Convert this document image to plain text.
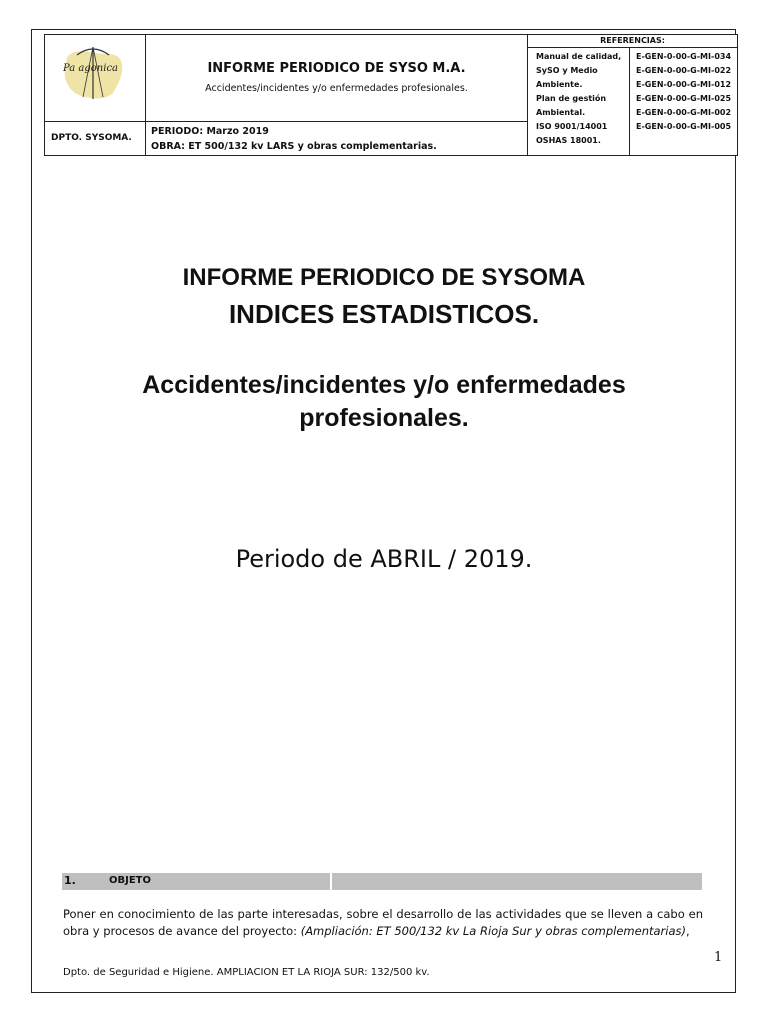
Pa agonica	INFORME PERIODICO DE SYSO M.A.
Accidentes/incidentes y/o enfermedades profesionales.
DPTO. SYSOMA.
PERIODO: Marzo 2019
OBRA: ET 500/132 kv LARS y obras complementarias.
REFERENCIAS:
Manual de calidad,
SySO y Medio
Ambiente.
Plan de gestión
Ambiental.
ISO 9001/14001
OSHAS 18001.
E-GEN-0-00-G-MI-034
E-GEN-0-00-G-MI-022
E-GEN-0-00-G-MI-012
E-GEN-0-00-G-MI-025
E-GEN-0-00-G-MI-002
E-GEN-0-00-G-MI-005
INFORME PERIODICO DE SYSOMA
INDICES ESTADISTICOS.
Accidentes/incidentes y/o enfermedades profesionales.
Periodo de ABRIL / 2019.
1.	OBJETO
Poner en conocimiento de las parte interesadas, sobre el desarrollo de las actividades que se lleven a cabo en obra y procesos de avance del proyecto: (Ampliación: ET 500/132 kv La Rioja Sur y obras complementarias),
1
Dpto. de Seguridad e Higiene. AMPLIACION ET LA RIOJA SUR: 132/500 kv.
